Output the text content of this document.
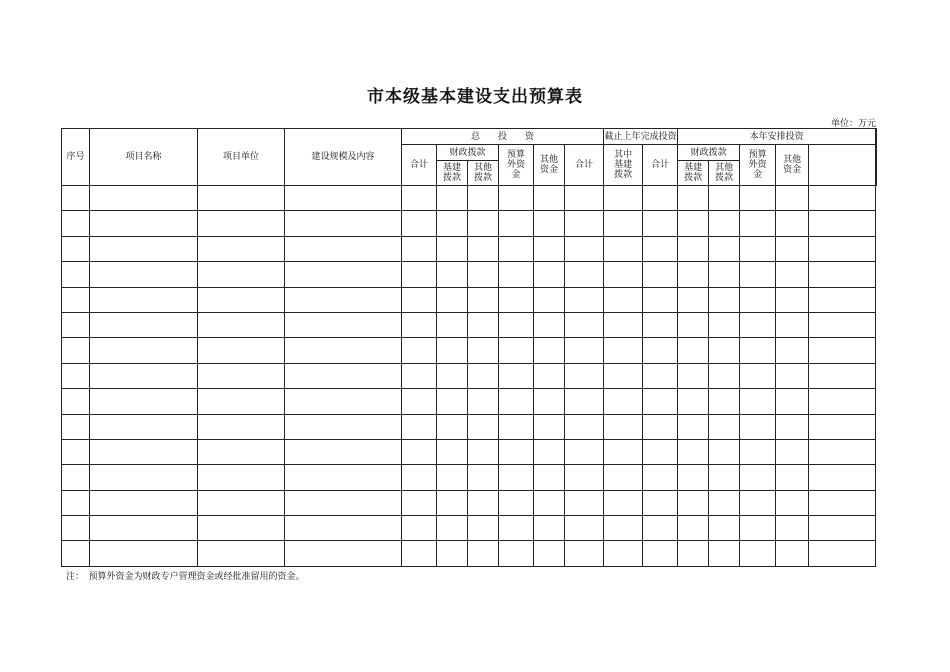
市本级基本建设支出预算表
单位：万元
序号	项目名称	项目单位	建设规模及内容	总　　投　　资						截止上年完成投资		本年安排投资	
				合计	财政拨款		预算外资金	其他资金	合计	其中基建拨款	合计	财政拨款		预算外资金	其他资金		
					基建拨款	其他拨款						基建拨款	其他拨款				

注：　预算外资金为财政专户管理资金或经批准留用的资金。
